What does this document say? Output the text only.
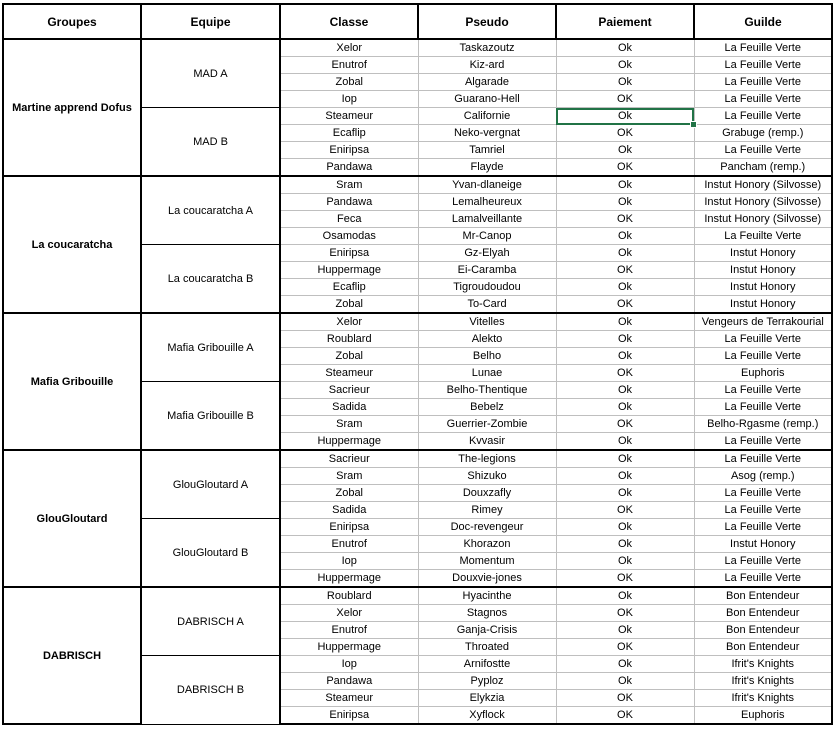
Groupes	Equipe	Classe	Pseudo	Paiement	Guilde
Martine apprend Dofus	MAD A	Xelor	Taskazoutz	Ok	La Feuille Verte
		Enutrof	Kiz-ard	Ok	La Feuille Verte
		Zobal	Algarade	Ok	La Feuille Verte
		Iop	Guarano-Hell	OK	La Feuille Verte
	MAD B	Steameur	Californie	Ok	La Feuille Verte
		Ecaflip	Neko-vergnat	OK	Grabuge (remp.)
		Eniripsa	Tamriel	Ok	La Feuille Verte
		Pandawa	Flayde	OK	Pancham (remp.)
La coucaratcha	La coucaratcha A	Sram	Yvan-dlaneige	Ok	Instut Honory (Silvosse)
		Pandawa	Lemalheureux	Ok	Instut Honory (Silvosse)
		Feca	Lamalveillante	OK	Instut Honory (Silvosse)
		Osamodas	Mr-Canop	Ok	La Feuilte Verte
	La coucaratcha B	Eniripsa	Gz-Elyah	Ok	Instut Honory
		Huppermage	Ei-Caramba	OK	Instut Honory
		Ecaflip	Tigroudoudou	Ok	Instut Honory
		Zobal	To-Card	OK	Instut Honory
Mafia Gribouille	Mafia Gribouille A	Xelor	Vitelles	Ok	Vengeurs de Terrakourial
		Roublard	Alekto	Ok	La Feuille Verte
		Zobal	Belho	Ok	La Feuille Verte
		Steameur	Lunae	OK	Euphoris
	Mafia Gribouille B	Sacrieur	Belho-Thentique	Ok	La Feuille Verte
		Sadida	Bebelz	Ok	La Feuille Verte
		Sram	Guerrier-Zombie	OK	Belho-Rgasme (remp.)
		Huppermage	Kvvasir	Ok	La Feuille Verte
GlouGloutard	GlouGloutard A	Sacrieur	The-legions	Ok	La Feuille Verte
		Sram	Shizuko	Ok	Asog (remp.)
		Zobal	Douxzafly	Ok	La Feuille Verte
		Sadida	Rimey	OK	La Feuille Verte
	GlouGloutard B	Eniripsa	Doc-revengeur	Ok	La Feuille Verte
		Enutrof	Khorazon	Ok	Instut Honory
		Iop	Momentum	Ok	La Feuille Verte
		Huppermage	Douxvie-jones	OK	La Feuille Verte
DABRISCH	DABRISCH A	Roublard	Hyacinthe	Ok	Bon Entendeur
		Xelor	Stagnos	OK	Bon Entendeur
		Enutrof	Ganja-Crisis	Ok	Bon Entendeur
		Huppermage	Throated	OK	Bon Entendeur
	DABRISCH B	Iop	Arnifostte	Ok	Ifrit's Knights
		Pandawa	Pyploz	Ok	Ifrit's Knights
		Steameur	Elykzia	OK	Ifrit's Knights
		Eniripsa	Xyflock	OK	Euphoris
